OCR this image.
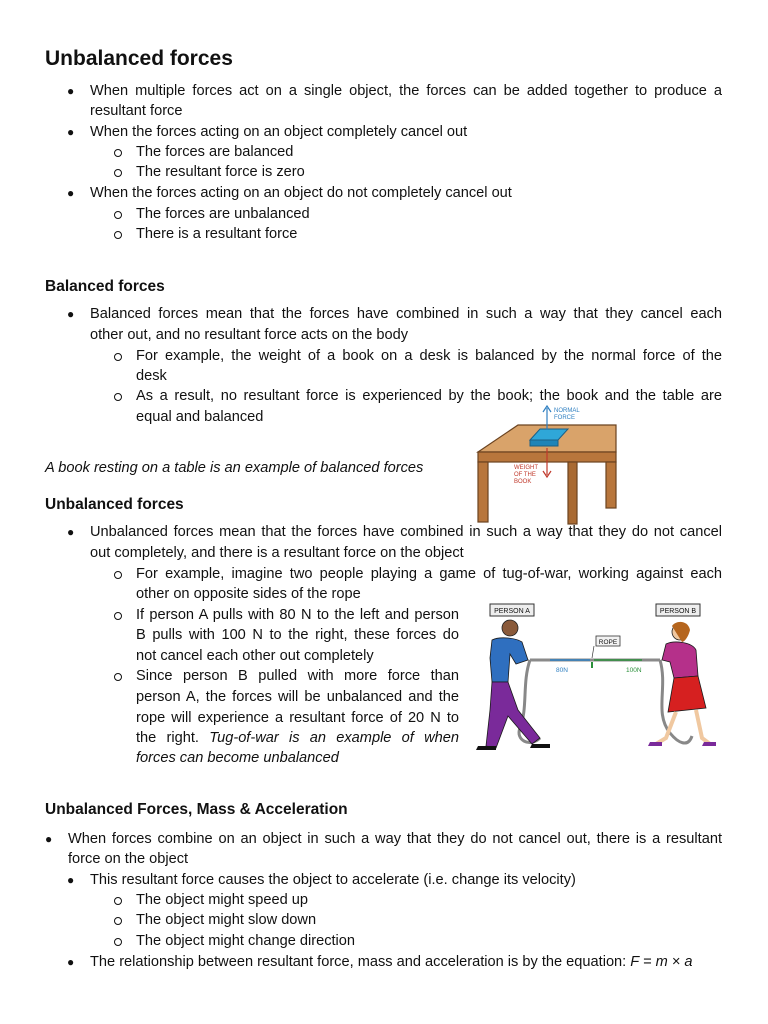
Unbalanced forces
● When multiple forces act on a single object, the forces can be added together to produce a
resultant force
● When the forces acting on an object completely cancel out
The forces are balanced
The resultant force is zero
● When the forces acting on an object do not completely cancel out
The forces are unbalanced
There is a resultant force
Balanced forces
● Balanced forces mean that the forces have combined in such a way that they cancel each
other out, and no resultant force acts on the body
For example, the weight of a book on a desk is balanced by the normal force of the
desk
As a result, no resultant force is experienced by the book; the book and the table are
equal and balanced
A book resting on a table is an example of balanced forces
NORMAL
FORCE
WEIGHT
OF THE
BOOK
Unbalanced forces
● Unbalanced forces mean that the forces have combined in such a way that they do not cancel
out completely, and there is a resultant force on the object
For example, imagine two people playing a game of tug-of-war, working against each
other on opposite sides of the rope
If person A pulls with 80 N to the left and person
B pulls with 100 N to the right, these forces do
not cancel each other out completely
Since person B pulled with more force than
person A, the forces will be unbalanced and the
rope will experience a resultant force of 20 N to
the right. Tug-of-war is an example of when
forces can become unbalanced
PERSON A	PERSON B
ROPE
80N	100N
Unbalanced Forces, Mass & Acceleration
● When forces combine on an object in such a way that they do not cancel out, there is a resultant
force on the object
● This resultant force causes the object to accelerate (i.e. change its velocity)
The object might speed up
The object might slow down
The object might change direction
● The relationship between resultant force, mass and acceleration is by the equation: F = m × a
